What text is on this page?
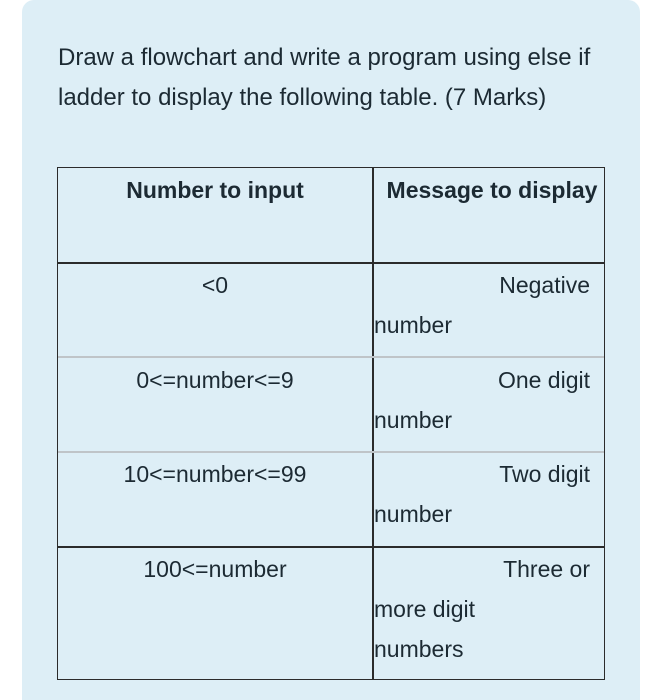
Draw a flowchart and write a program using else if ladder to display the following table. (7 Marks)

Number to input	Message to display
<0	Negative
number
0<=number<=9	One digit
number
10<=number<=99	Two digit
number
100<=number	Three or
more digit
numbers
